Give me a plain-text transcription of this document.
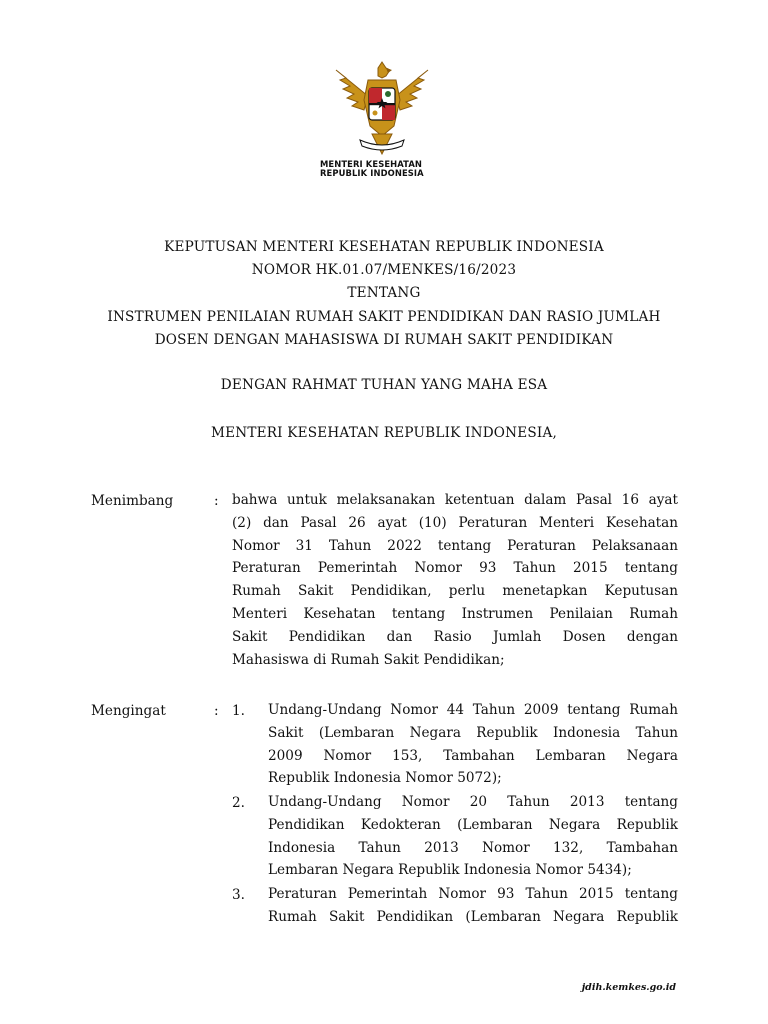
MENTERI KESEHATAN
REPUBLIK INDONESIA
KEPUTUSAN MENTERI KESEHATAN REPUBLIK INDONESIA
NOMOR HK.01.07/MENKES/16/2023
TENTANG
INSTRUMEN PENILAIAN RUMAH SAKIT PENDIDIKAN DAN RASIO JUMLAH
DOSEN DENGAN MAHASISWA DI RUMAH SAKIT PENDIDIKAN
DENGAN RAHMAT TUHAN YANG MAHA ESA
MENTERI KESEHATAN REPUBLIK INDONESIA,
Menimbang	: bahwa untuk melaksanakan ketentuan dalam Pasal 16 ayat
(2) dan Pasal 26 ayat (10) Peraturan Menteri Kesehatan
Nomor 31 Tahun 2022 tentang Peraturan Pelaksanaan
Peraturan Pemerintah Nomor 93 Tahun 2015 tentang
Rumah Sakit Pendidikan, perlu menetapkan Keputusan
Menteri Kesehatan tentang Instrumen Penilaian Rumah
Sakit Pendidikan dan Rasio Jumlah Dosen dengan
Mahasiswa di Rumah Sakit Pendidikan;
Mengingat	: 1. Undang-Undang Nomor 44 Tahun 2009 tentang Rumah
Sakit (Lembaran Negara Republik Indonesia Tahun
2009 Nomor 153, Tambahan Lembaran Negara
Republik Indonesia Nomor 5072);
2. Undang-Undang Nomor 20 Tahun 2013 tentang
Pendidikan Kedokteran (Lembaran Negara Republik
Indonesia Tahun 2013 Nomor 132, Tambahan
Lembaran Negara Republik Indonesia Nomor 5434);
3. Peraturan Pemerintah Nomor 93 Tahun 2015 tentang
Rumah Sakit Pendidikan (Lembaran Negara Republik
jdih.kemkes.go.id
